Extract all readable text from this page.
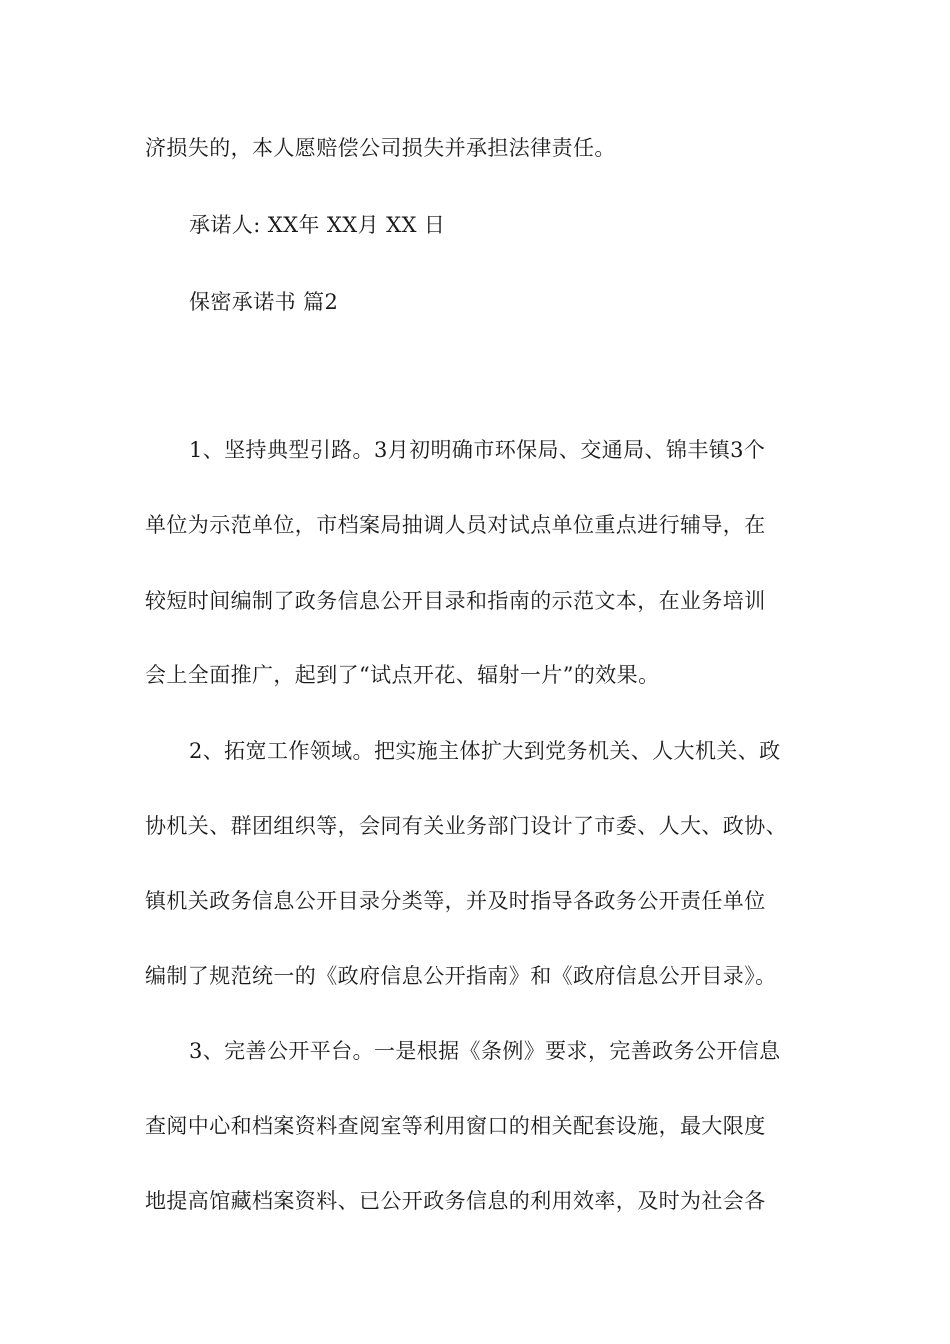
济损失的，本人愿赔偿公司损失并承担法律责任。
承诺人: XX年 XX月 XX 日
保密承诺书 篇2
1、坚持典型引路。3月初明确市环保局、交通局、锦丰镇3个
单位为示范单位，市档案局抽调人员对试点单位重点进行辅导，在
较短时间编制了政务信息公开目录和指南的示范文本，在业务培训
会上全面推广，起到了“试点开花、辐射一片”的效果。
2、拓宽工作领域。把实施主体扩大到党务机关、人大机关、政
协机关、群团组织等，会同有关业务部门设计了市委、人大、政协、
镇机关政务信息公开目录分类等，并及时指导各政务公开责任单位
编制了规范统一的《政府信息公开指南》和《政府信息公开目录》。
3、完善公开平台。一是根据《条例》要求，完善政务公开信息
查阅中心和档案资料查阅室等利用窗口的相关配套设施，最大限度
地提高馆藏档案资料、已公开政务信息的利用效率，及时为社会各
